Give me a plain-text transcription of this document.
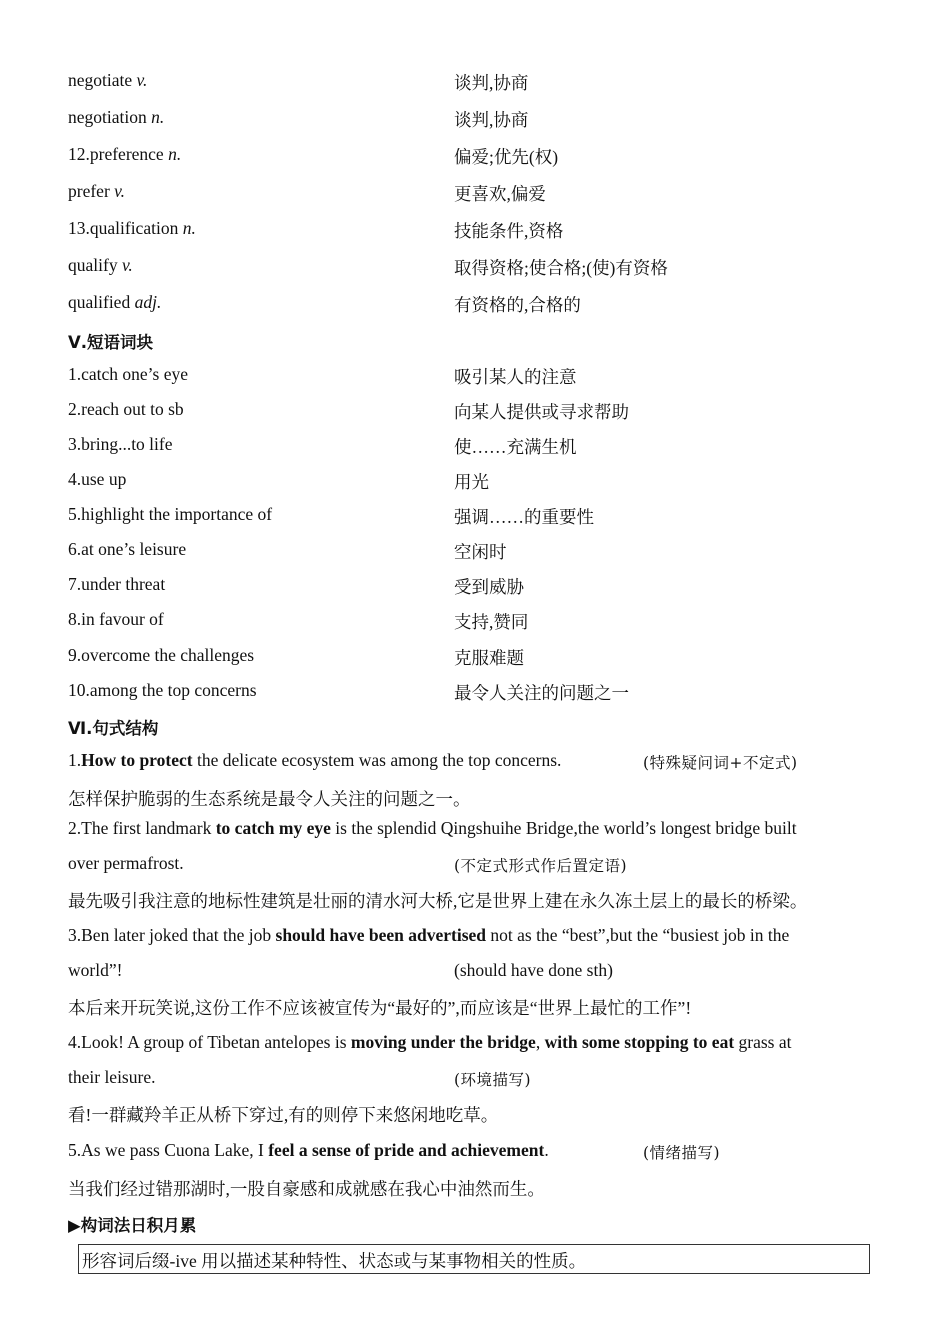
negotiate v.	谈判,协商
negotiation n.	谈判,协商
12.preference n.	偏爱;优先(权)
prefer v.	更喜欢,偏爱
13.qualification n.	技能条件,资格
qualify v.	取得资格;使合格;(使)有资格
qualified adj.	有资格的,合格的
Ⅴ.短语词块
1.catch one’s eye	吸引某人的注意
2.reach out to sb	向某人提供或寻求帮助
3.bring...to life	使……充满生机
4.use up	用光
5.highlight the importance of	强调……的重要性
6.at one’s leisure	空闲时
7.under threat	受到威胁
8.in favour of	支持,赞同
9.overcome the challenges	克服难题
10.among the top concerns	最令人关注的问题之一
Ⅵ.句式结构
1.How to protect the delicate ecosystem was among the top concerns.	(特殊疑问词+不定式)
怎样保护脆弱的生态系统是最令人关注的问题之一。
2.The first landmark to catch my eye is the splendid Qingshuihe Bridge,the world’s longest bridge built
over permafrost.	(不定式形式作后置定语)
最先吸引我注意的地标性建筑是壮丽的清水河大桥,它是世界上建在永久冻土层上的最长的桥梁。
3.Ben later joked that the job should have been advertised not as the “best”,but the “busiest job in the
world”!	(should have done sth)
本后来开玩笑说,这份工作不应该被宣传为“最好的”,而应该是“世界上最忙的工作”!
4.Look! A group of Tibetan antelopes is moving under the bridge, with some stopping to eat grass at
their leisure.	(环境描写)
看!一群藏羚羊正从桥下穿过,有的则停下来悠闲地吃草。
5.As we pass Cuona Lake, I feel a sense of pride and achievement.	(情绪描写)
当我们经过错那湖时,一股自豪感和成就感在我心中油然而生。
▶构词法日积月累
形容词后缀-ive 用以描述某种特性、状态或与某事物相关的性质。
